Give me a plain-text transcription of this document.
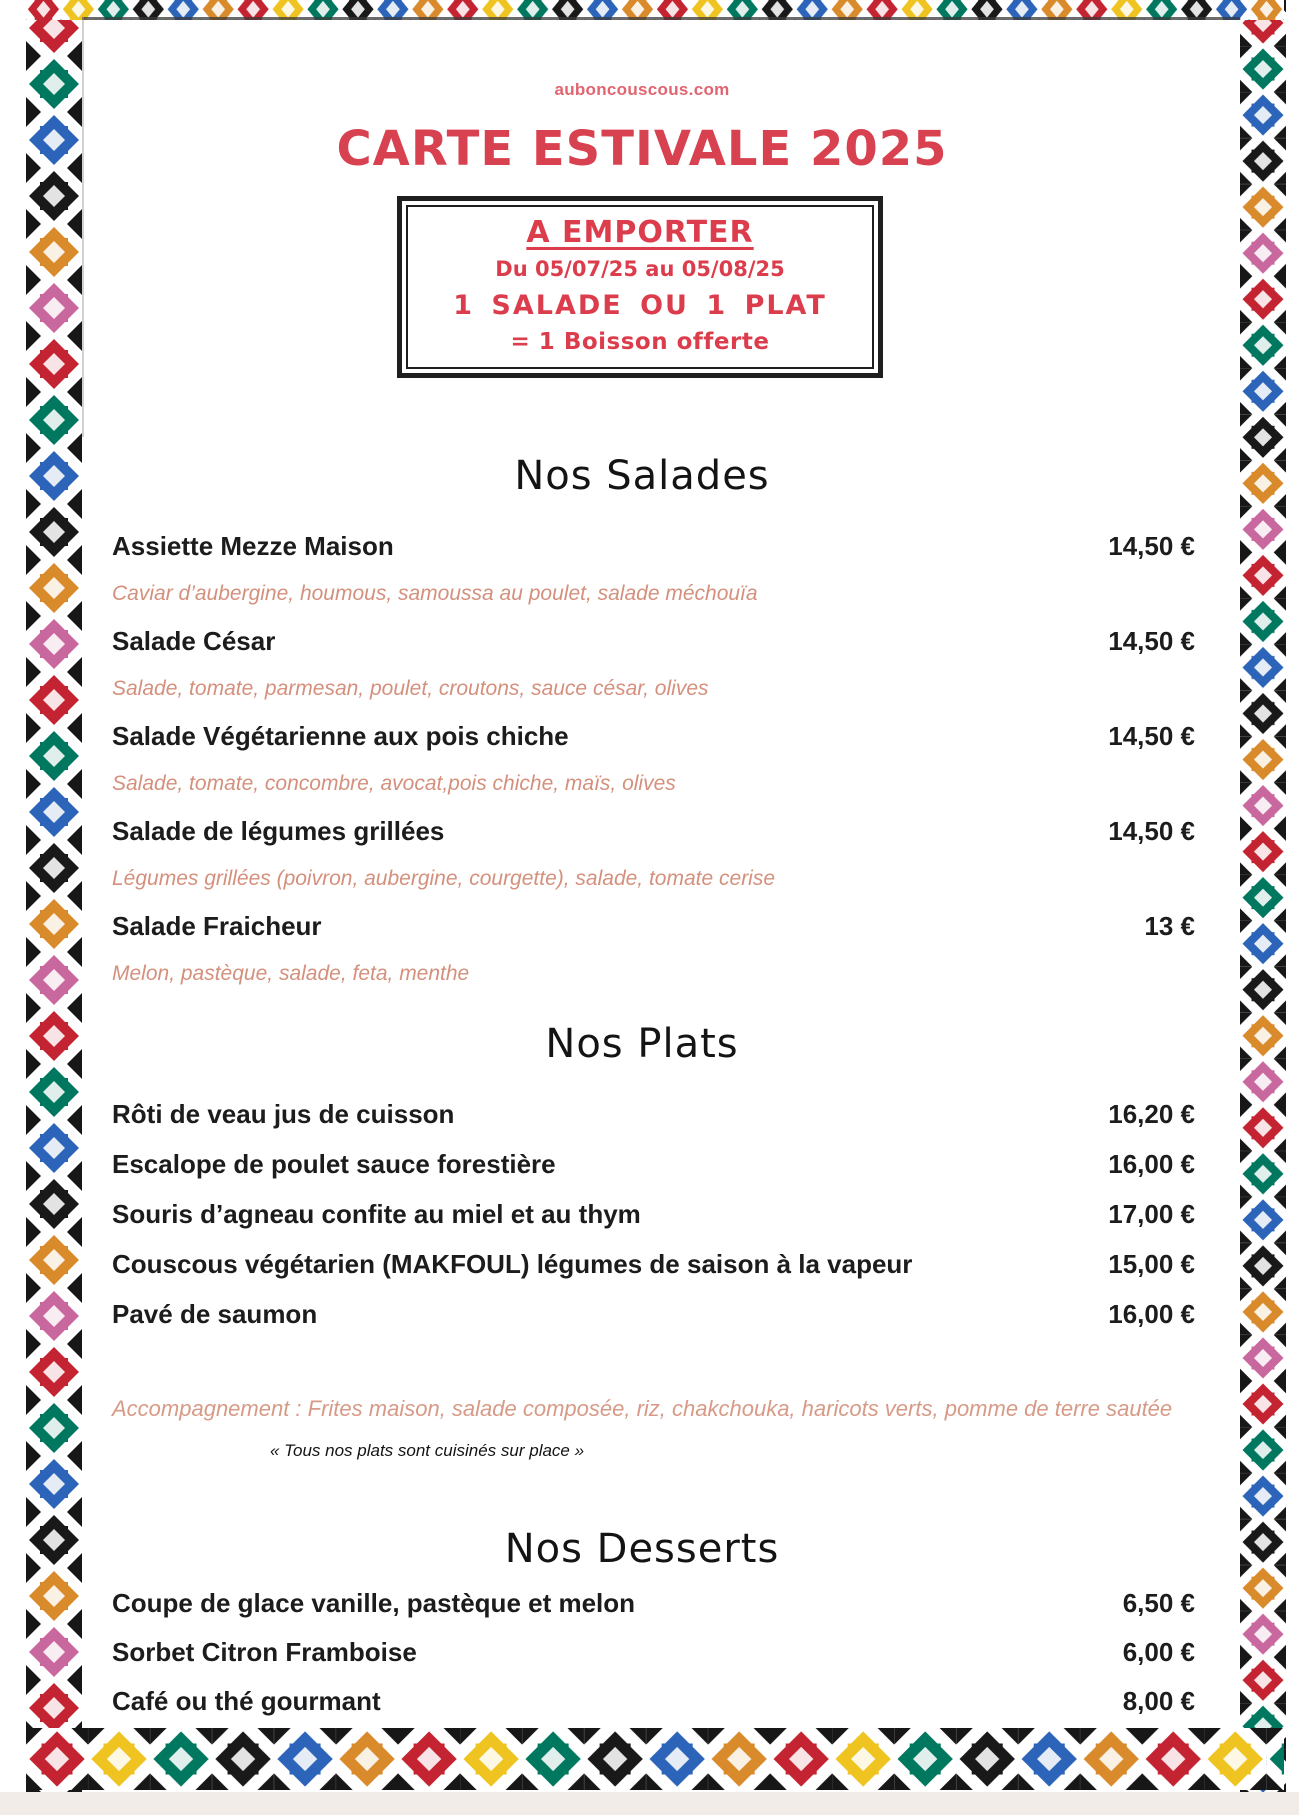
auboncouscous.com
CARTE ESTIVALE 2025
A EMPORTER
Du 05/07/25 au 05/08/25
1 SALADE OU 1 PLAT
= 1 Boisson offerte
Nos Salades
Assiette Mezze Maison	14,50 €
Caviar d’aubergine, houmous, samoussa au poulet, salade méchouïa
Salade César	14,50 €
Salade, tomate, parmesan, poulet, croutons, sauce césar, olives
Salade Végétarienne aux pois chiche	14,50 €
Salade, tomate, concombre, avocat,pois chiche, maïs, olives
Salade de légumes grillées	14,50 €
Légumes grillées (poivron, aubergine, courgette), salade, tomate cerise
Salade Fraicheur	13 €
Melon, pastèque, salade, feta, menthe
Nos Plats
Rôti de veau jus de cuisson	16,20 €
Escalope de poulet sauce forestière	16,00 €
Souris d’agneau confite au miel et au thym	17,00 €
Couscous végétarien (MAKFOUL) légumes de saison à la vapeur	15,00 €
Pavé de saumon	16,00 €
Accompagnement : Frites maison, salade composée, riz, chakchouka, haricots verts, pomme de terre sautée
« Tous nos plats sont cuisinés sur place »
Nos Desserts
Coupe de glace vanille, pastèque et melon	6,50 €
Sorbet Citron Framboise	6,00 €
Café ou thé gourmant	8,00 €
